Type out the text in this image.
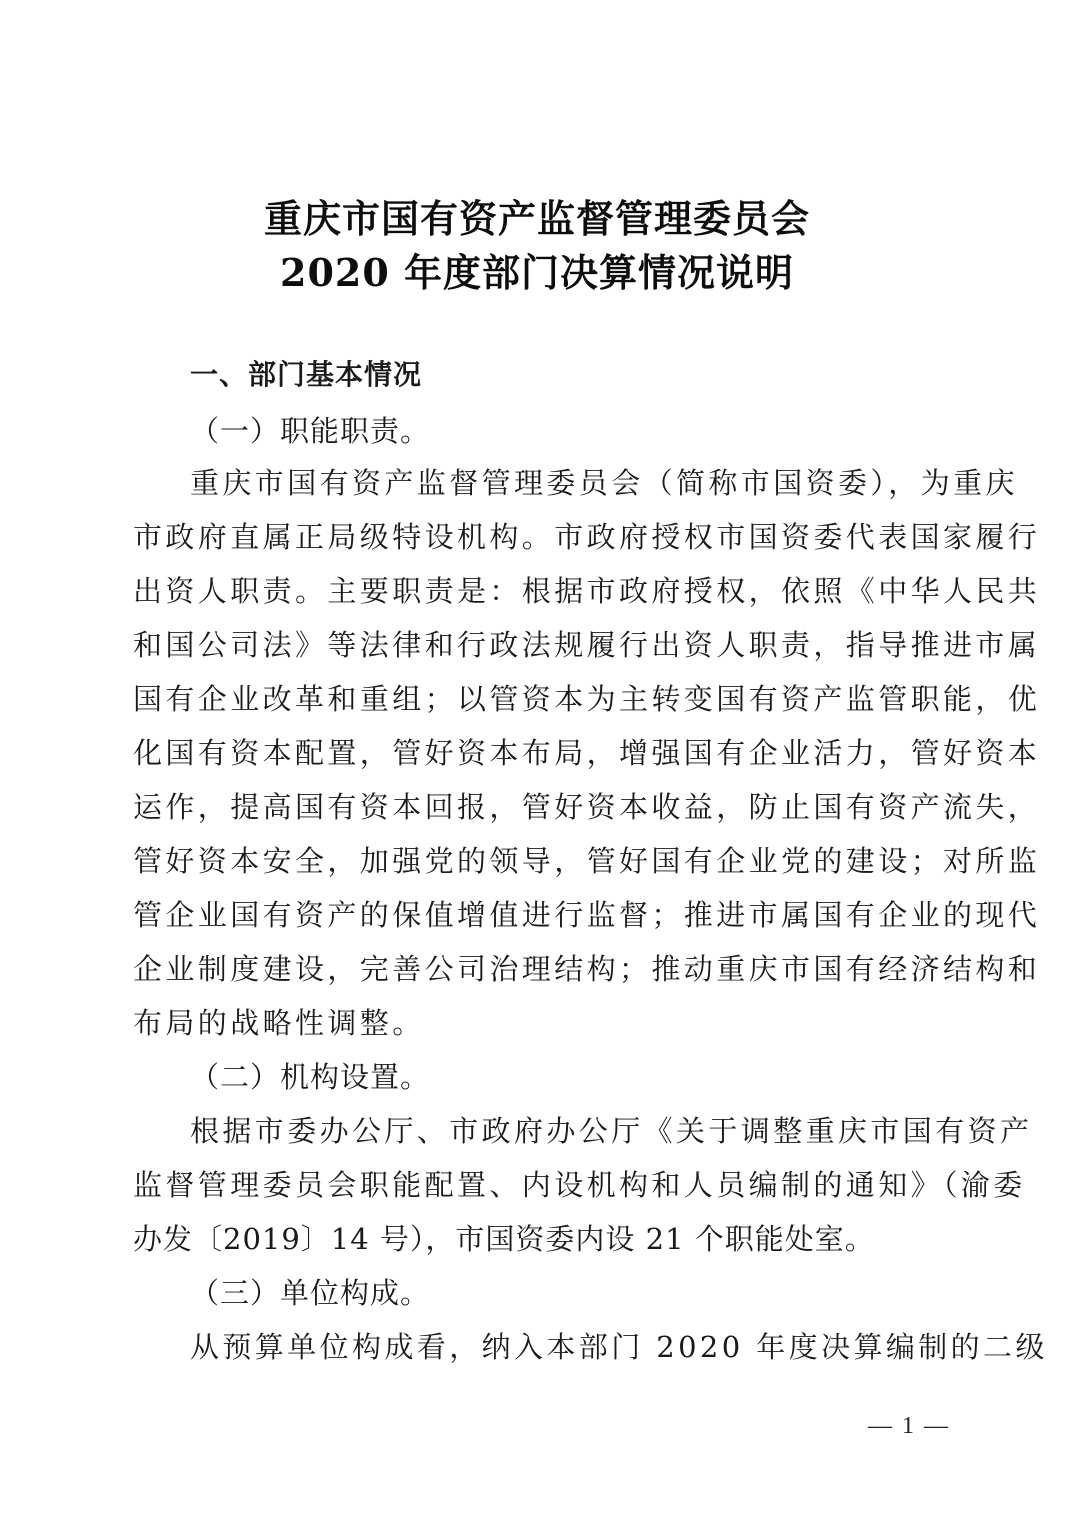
重庆市国有资产监督管理委员会
2020 年度部门决算情况说明
一、部门基本情况
（一）职能职责。
重庆市国有资产监督管理委员会（简称市国资委），为重庆
市政府直属正局级特设机构。市政府授权市国资委代表国家履行
出资人职责。主要职责是：根据市政府授权，依照《中华人民共
和国公司法》等法律和行政法规履行出资人职责，指导推进市属
国有企业改革和重组；以管资本为主转变国有资产监管职能，优
化国有资本配置，管好资本布局，增强国有企业活力，管好资本
运作，提高国有资本回报，管好资本收益，防止国有资产流失，
管好资本安全，加强党的领导，管好国有企业党的建设；对所监
管企业国有资产的保值增值进行监督；推进市属国有企业的现代
企业制度建设，完善公司治理结构；推动重庆市国有经济结构和
布局的战略性调整。
（二）机构设置。
根据市委办公厅、市政府办公厅《关于调整重庆市国有资产
监督管理委员会职能配置、内设机构和人员编制的通知》（渝委
办发〔2019〕14 号），市国资委内设 21 个职能处室。
（三）单位构成。
从预算单位构成看，纳入本部门 2020 年度决算编制的二级
— 1 —
